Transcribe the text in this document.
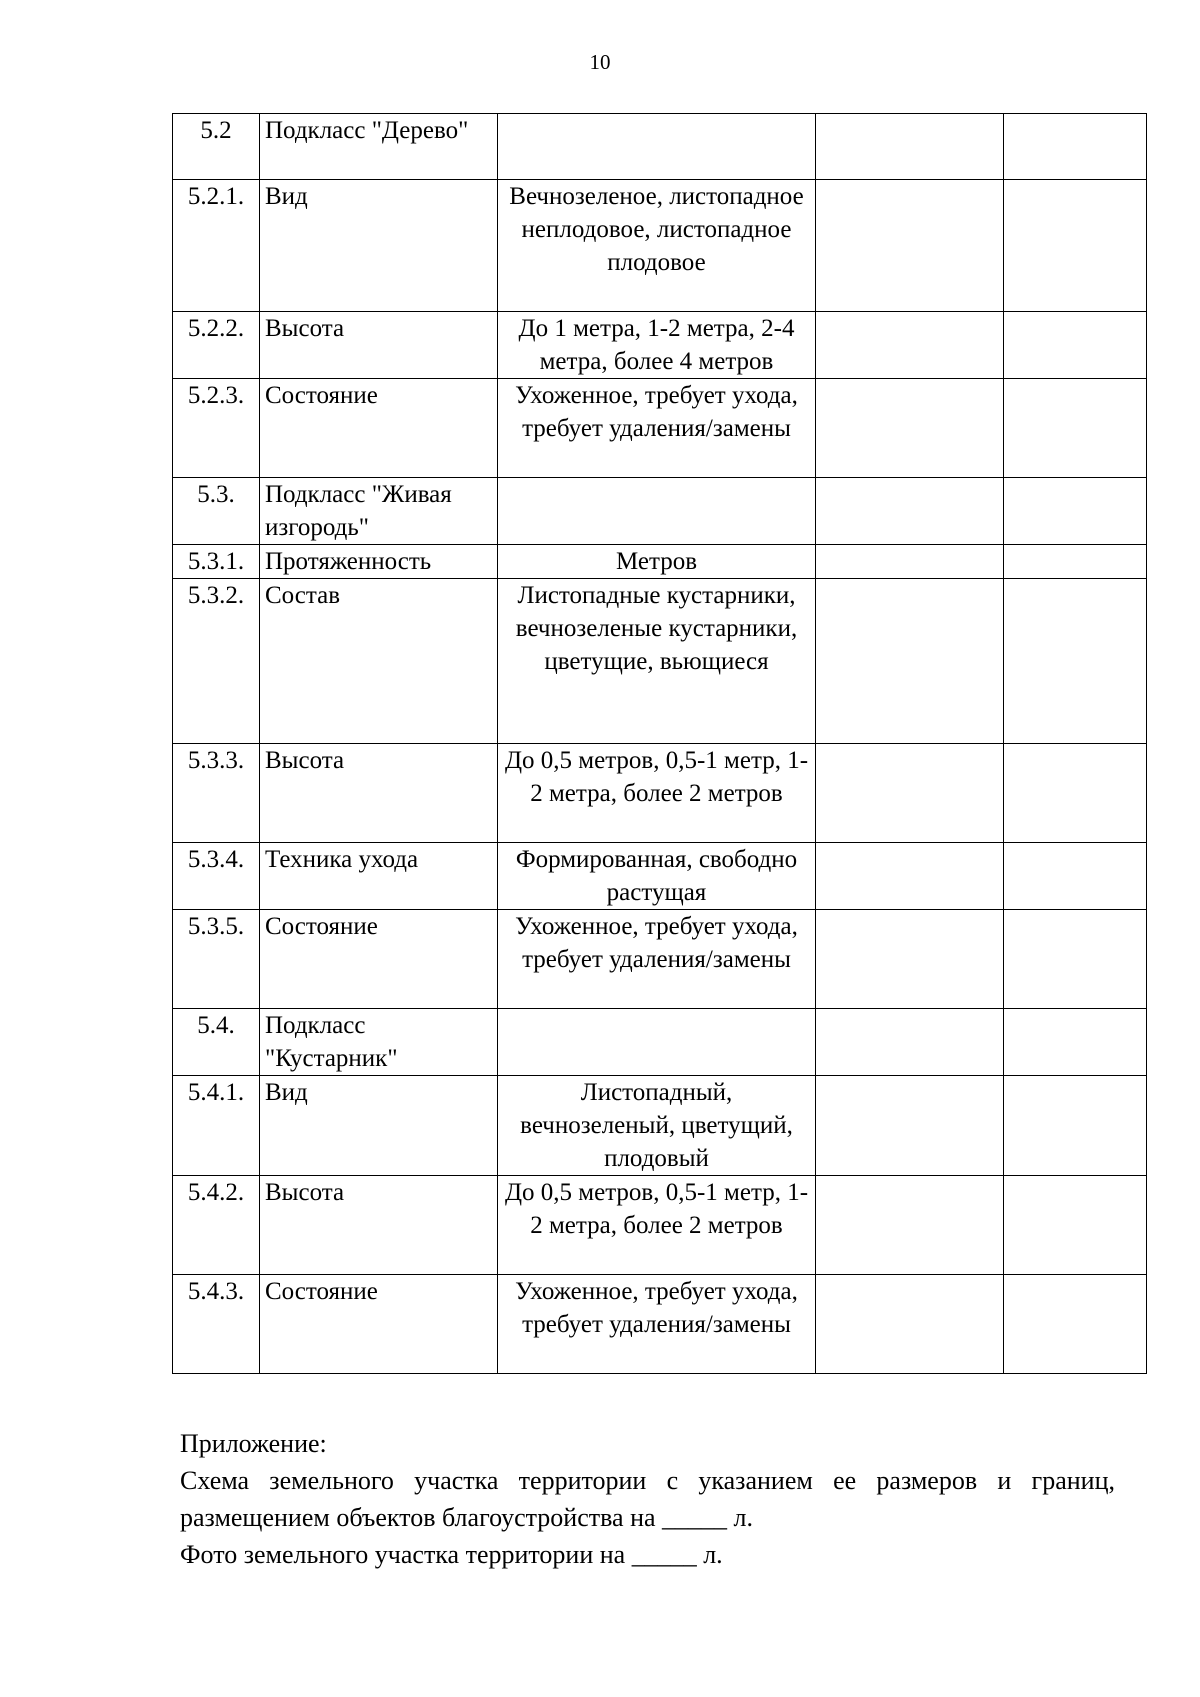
10
5.2	Подкласс "Дерево"			
5.2.1.	Вид	Вечнозеленое, листопадное неплодовое, листопадное плодовое		
5.2.2.	Высота	До 1 метра, 1-2 метра, 2-4 метра, более 4 метров		
5.2.3.	Состояние	Ухоженное, требует ухода, требует удаления/замены		
5.3.	Подкласс "Живая изгородь"			
5.3.1.	Протяженность	Метров		
5.3.2.	Состав	Листопадные кустарники, вечнозеленые кустарники, цветущие, вьющиеся		
5.3.3.	Высота	До 0,5 метров, 0,5-1 метр, 1-2 метра, более 2 метров		
5.3.4.	Техника ухода	Формированная, свободно растущая		
5.3.5.	Состояние	Ухоженное, требует ухода, требует удаления/замены		
5.4.	Подкласс "Кустарник"			
5.4.1.	Вид	Листопадный, вечнозеленый, цветущий, плодовый		
5.4.2.	Высота	До 0,5 метров, 0,5-1 метр, 1-2 метра, более 2 метров		
5.4.3.	Состояние	Ухоженное, требует ухода, требует удаления/замены		

Приложение:

Схема земельного участка территории с указанием ее размеров и границ,

размещением объектов благоустройства на _____ л.

Фото земельного участка территории на _____ л.
